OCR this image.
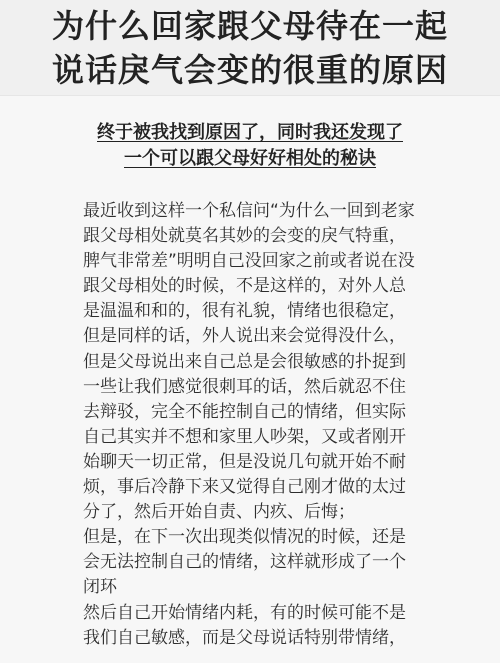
为什么回家跟父母待在一起
说话戾气会变的很重的原因
终于被我找到原因了，同时我还发现了
一个可以跟父母好好相处的秘诀
最近收到这样一个私信问“为什么一回到老家
跟父母相处就莫名其妙的会变的戾气特重，
脾气非常差”明明自己没回家之前或者说在没
跟父母相处的时候，不是这样的，对外人总
是温温和和的，很有礼貌，情绪也很稳定，
但是同样的话，外人说出来会觉得没什么，
但是父母说出来自己总是会很敏感的扑捉到
一些让我们感觉很刺耳的话，然后就忍不住
去辩驳，完全不能控制自己的情绪，但实际
自己其实并不想和家里人吵架，又或者刚开
始聊天一切正常，但是没说几句就开始不耐
烦，事后冷静下来又觉得自己刚才做的太过
分了，然后开始自责、内疚、后悔；
但是，在下一次出现类似情况的时候，还是
会无法控制自己的情绪，这样就形成了一个
闭环
然后自己开始情绪内耗，有的时候可能不是
我们自己敏感，而是父母说话特别带情绪，
